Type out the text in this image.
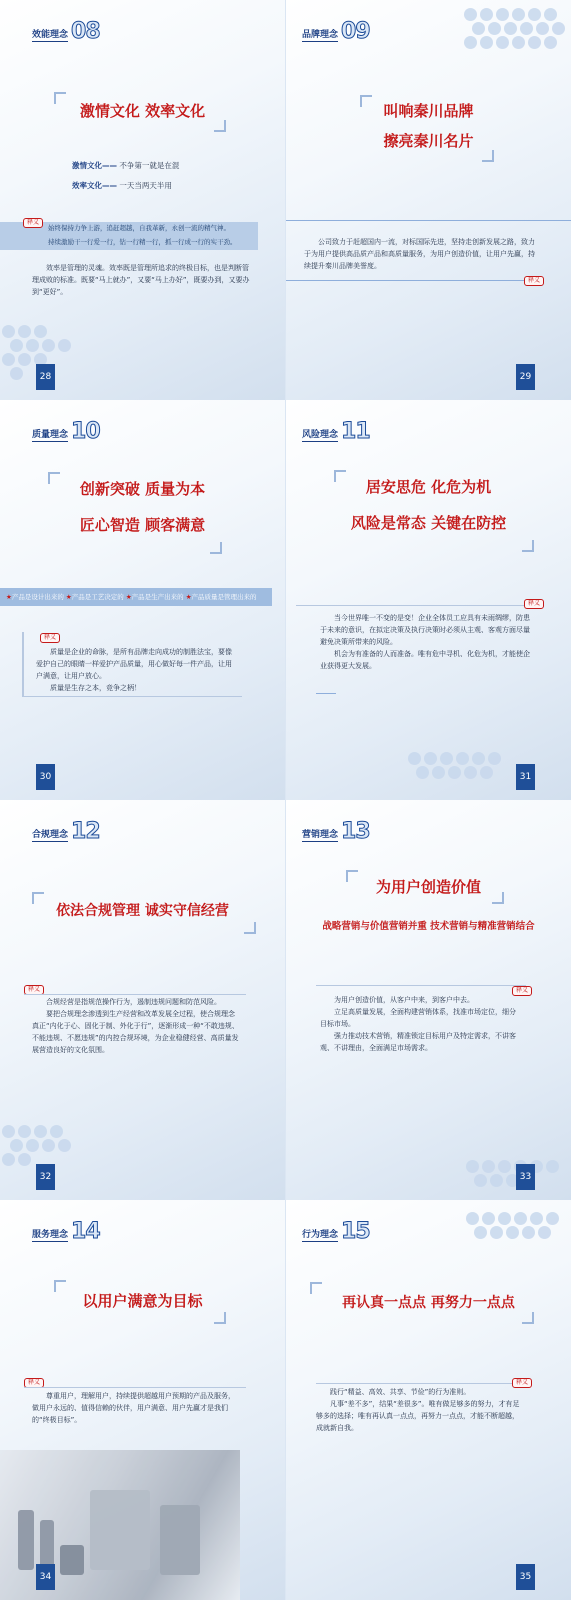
效能理念 08
激情文化 效率文化
激情文化—— 不争第一就是在混
效率文化—— 一天当两天半用
释义
始终保持力争上游，追赶超越，自我革新，永创一流的精气神。
持续激励干一行爱一行，钻一行精一行，抓一行成一行的实干劲。

效率是管理的灵魂。效率既是管理所追求的终极目标，也是判断管理成败的标准。既要“马上就办”，又要“马上办好”，既要办到，又要办到“更好”。

28
品牌理念 09
叫响秦川品牌
擦亮秦川名片

公司致力于赶超国内一流，对标国际先进，坚持走创新发展之路，致力于为用户提供高品质产品和高质量服务，为用户创造价值，让用户先赢，持续提升秦川品牌美誉度。

释义
29
质量理念 10
创新突破 质量为本
匠心智造 顾客满意
★产品是设计出来的 ★产品是工艺决定的 ★产品是生产出来的 ★产品质量是管理出来的
释义

质量是企业的命脉，是所有品牌走向成功的制胜法宝，要像爱护自己的眼睛一样爱护产品质量，用心做好每一件产品，让用户满意，让用户放心。

质量是生存之本，竞争之柄！

30
风险理念 11
居安思危 化危为机
风险是常态 关键在防控
释义

当今世界唯一不变的是变！企业全体员工应具有未雨绸缪，防患于未来的意识，在拟定决策及执行决策时必须从主观、客观方面尽量避免决策所带来的风险。

机会为有准备的人而准备。唯有危中寻机、化危为机，才能使企业获得更大发展。

31
合规理念 12
依法合规管理 诚实守信经营
释义

合规经营是指规范操作行为，遏制违规问题和防范风险。

要把合规理念渗透到生产经营和改革发展全过程，使合规理念真正“内化于心、固化于制、外化于行”，逐渐形成一种“不敢违规、不能违规、不愿违规”的内控合规环境，为企业稳健经营、高质量发展营造良好的文化氛围。

32
营销理念 13
为用户创造价值
战略营销与价值营销并重 技术营销与精准营销结合
释义

为用户创造价值，从客户中来，到客户中去。

立足高质量发展，全面构建营销体系，找准市场定位，细分目标市场。

强力推动技术营销，精准锁定目标用户及特定需求，不讲客观、不讲理由，全面满足市场需求。

33
服务理念 14
以用户满意为目标
释义

尊重用户，理解用户，持续提供超越用户预期的产品及服务，做用户永远的、值得信赖的伙伴，用户满意、用户先赢才是我们的“终极目标”。

34
行为理念 15
再认真一点点 再努力一点点
释义

践行“精益、高效、共享、节俭”的行为准则。

凡事“差不多”，结果“差很多”。唯有做足够多的努力，才有足够多的选择；唯有再认真一点点，再努力一点点，才能不断超越，成就新自我。

35
